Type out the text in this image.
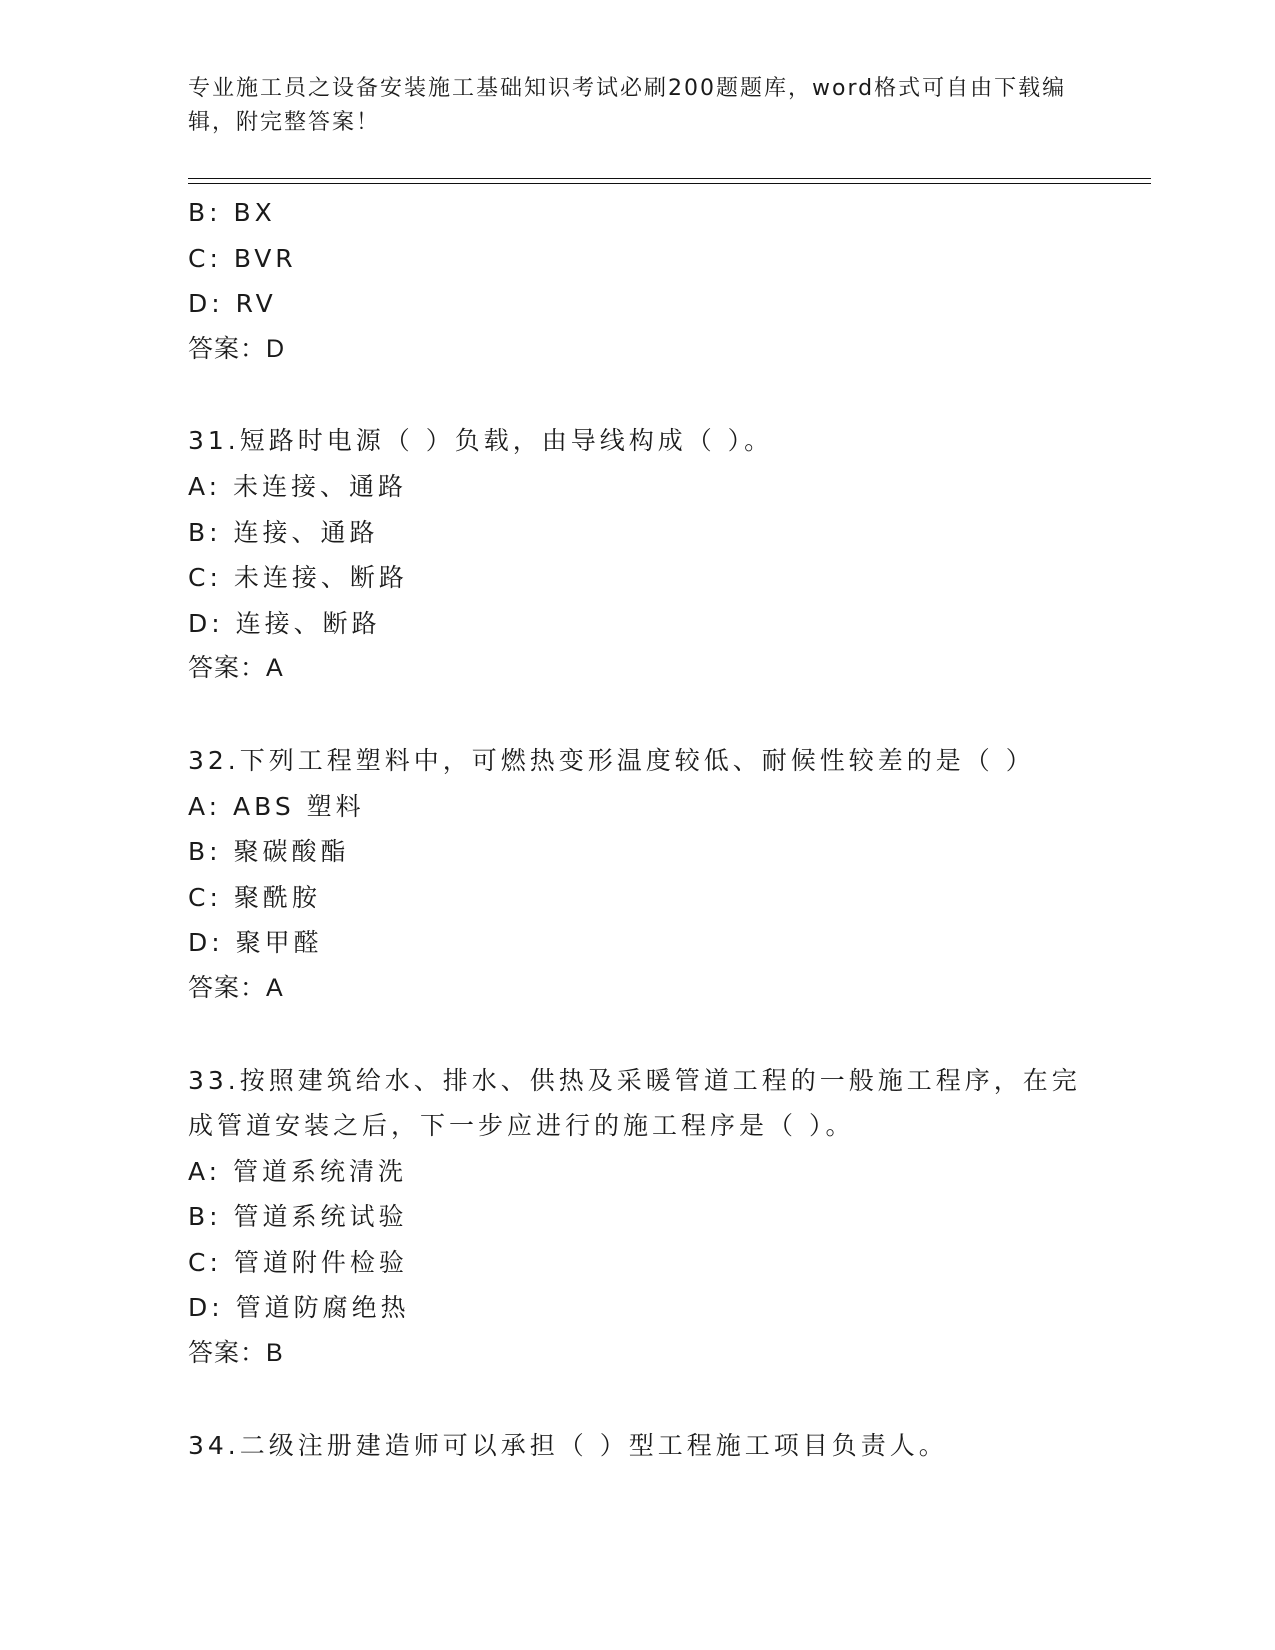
专业施工员之设备安装施工基础知识考试必刷200题题库，word格式可自由下载编辑，附完整答案！
B: BX
C: BVR
D: RV
答案：D
31.短路时电源（ ）负载，由导线构成（ ）。
A: 未连接、通路
B: 连接、通路
C: 未连接、断路
D: 连接、断路
答案：A
32.下列工程塑料中，可燃热变形温度较低、耐候性较差的是（ ）
A: ABS 塑料
B: 聚碳酸酯
C: 聚酰胺
D: 聚甲醛
答案：A
33.按照建筑给水、排水、供热及采暖管道工程的一般施工程序，在完成管道安装之后，下一步应进行的施工程序是（ ）。
A: 管道系统清洗
B: 管道系统试验
C: 管道附件检验
D: 管道防腐绝热
答案：B
34.二级注册建造师可以承担（ ）型工程施工项目负责人。
